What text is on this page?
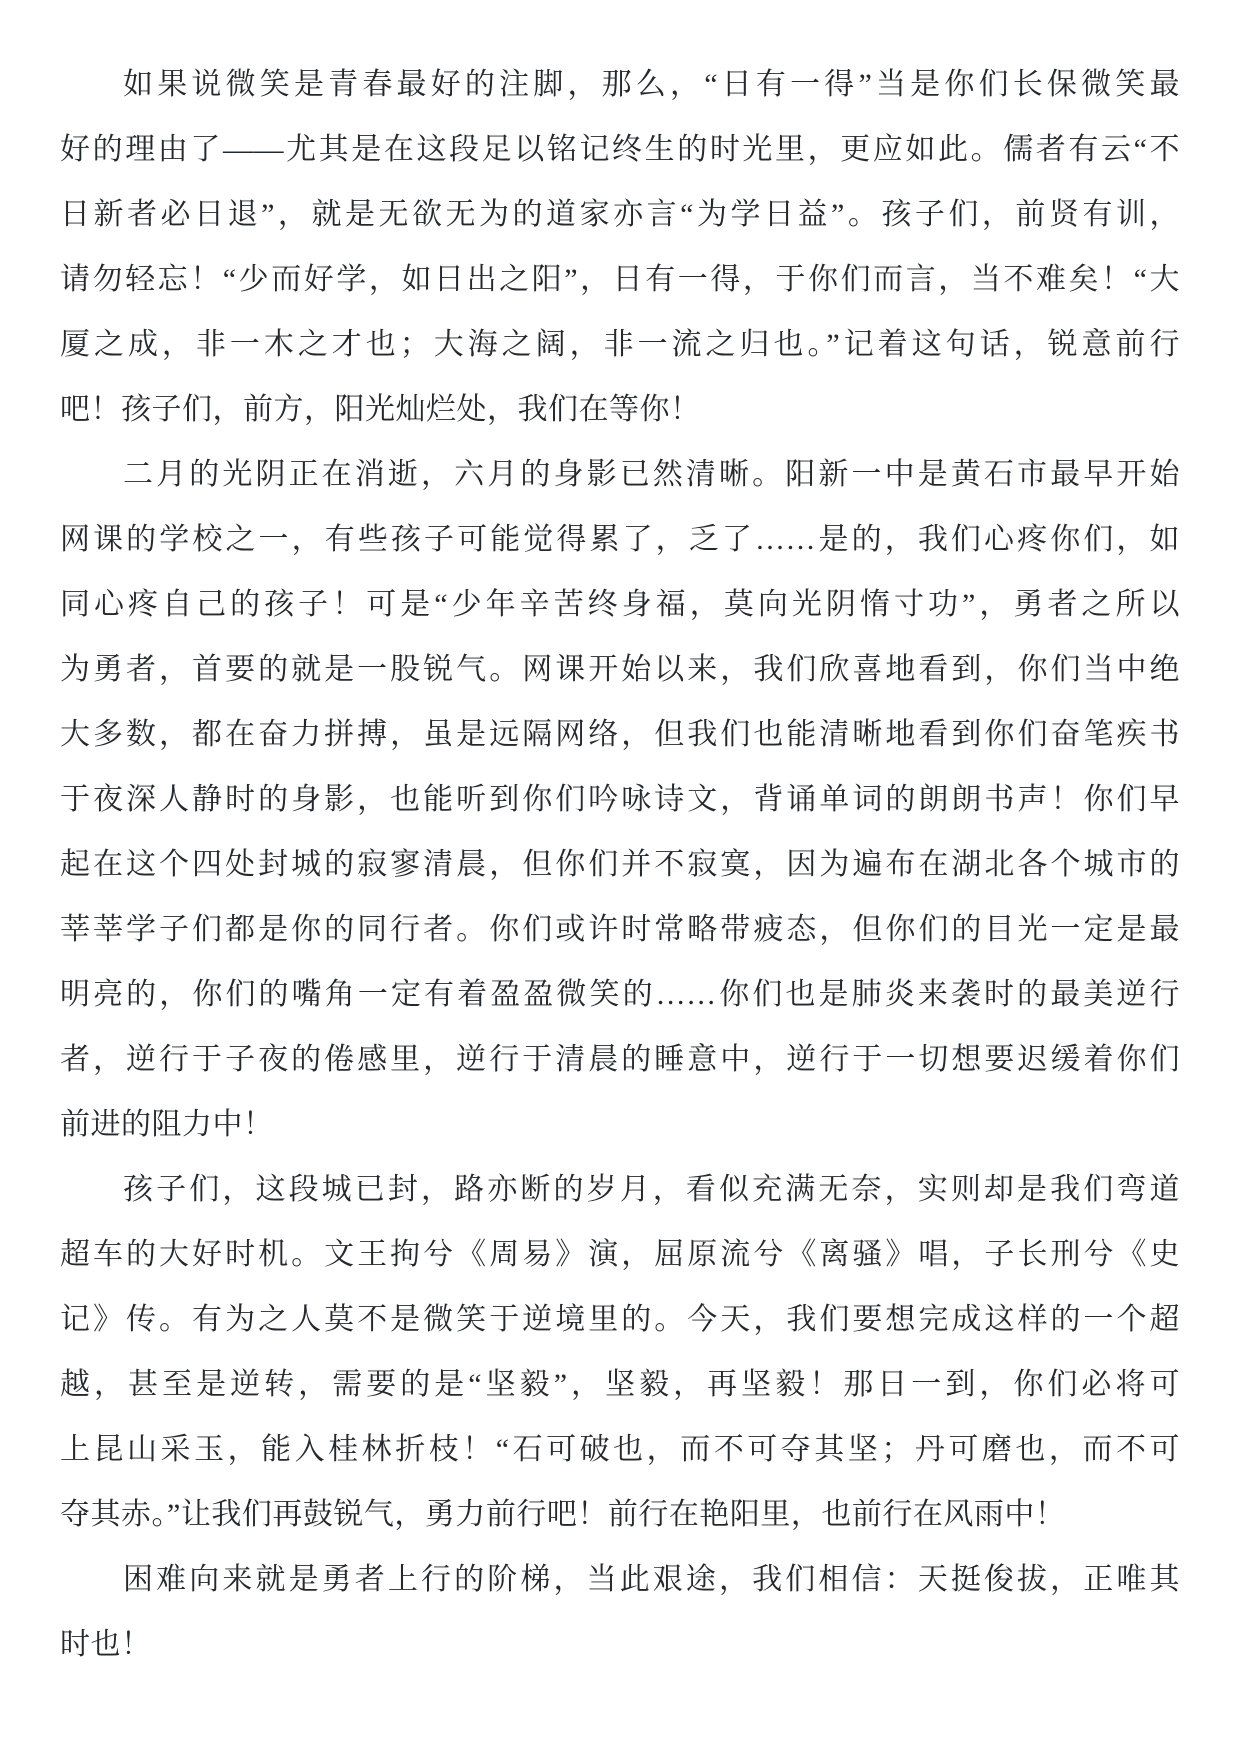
如果说微笑是青春最好的注脚，那么，“日有一得”当是你们长保微笑最
好的理由了——尤其是在这段足以铭记终生的时光里，更应如此。儒者有云“不
日新者必日退”，就是无欲无为的道家亦言“为学日益”。孩子们，前贤有训，
请勿轻忘！“少而好学，如日出之阳”，日有一得，于你们而言，当不难矣！“大
厦之成，非一木之才也；大海之阔，非一流之归也。”记着这句话，锐意前行
吧！孩子们，前方，阳光灿烂处，我们在等你！
二月的光阴正在消逝，六月的身影已然清晰。阳新一中是黄石市最早开始
网课的学校之一，有些孩子可能觉得累了，乏了……是的，我们心疼你们，如
同心疼自己的孩子！可是“少年辛苦终身福，莫向光阴惰寸功”，勇者之所以
为勇者，首要的就是一股锐气。网课开始以来，我们欣喜地看到，你们当中绝
大多数，都在奋力拼搏，虽是远隔网络，但我们也能清晰地看到你们奋笔疾书
于夜深人静时的身影，也能听到你们吟咏诗文，背诵单词的朗朗书声！你们早
起在这个四处封城的寂寥清晨，但你们并不寂寞，因为遍布在湖北各个城市的
莘莘学子们都是你的同行者。你们或许时常略带疲态，但你们的目光一定是最
明亮的，你们的嘴角一定有着盈盈微笑的……你们也是肺炎来袭时的最美逆行
者，逆行于子夜的倦感里，逆行于清晨的睡意中，逆行于一切想要迟缓着你们
前进的阻力中！
孩子们，这段城已封，路亦断的岁月，看似充满无奈，实则却是我们弯道
超车的大好时机。文王拘兮《周易》演，屈原流兮《离骚》唱，子长刑兮《史
记》传。有为之人莫不是微笑于逆境里的。今天，我们要想完成这样的一个超
越，甚至是逆转，需要的是“坚毅”，坚毅，再坚毅！那日一到，你们必将可
上昆山采玉，能入桂林折枝！“石可破也，而不可夺其坚；丹可磨也，而不可
夺其赤。”让我们再鼓锐气，勇力前行吧！前行在艳阳里，也前行在风雨中！
困难向来就是勇者上行的阶梯，当此艰途，我们相信：天挺俊拔，正唯其
时也！
